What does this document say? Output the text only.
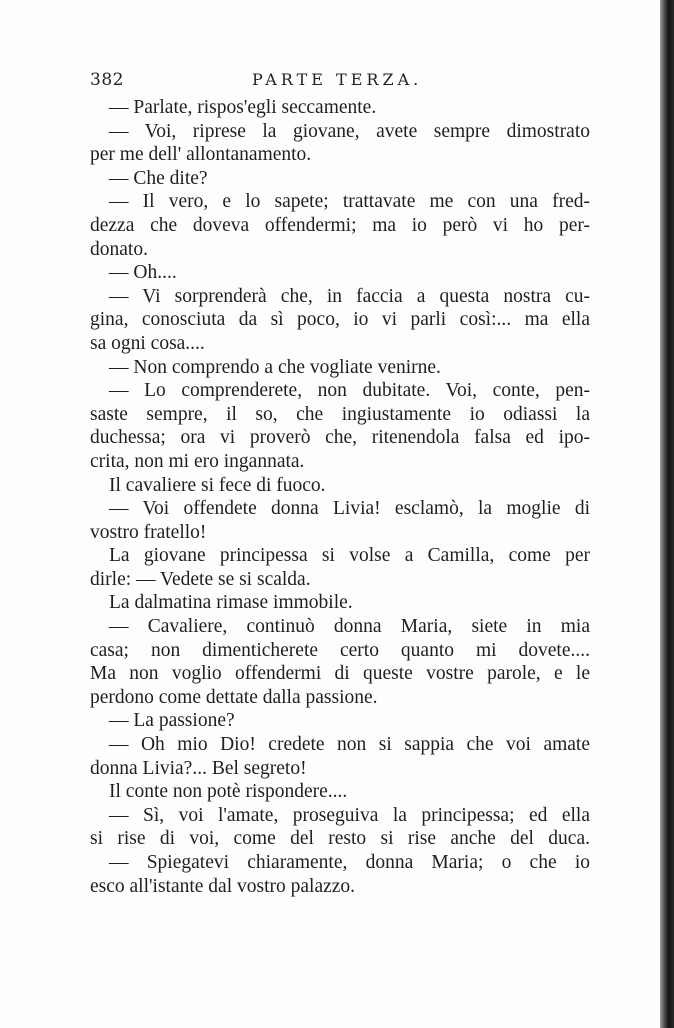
382	PARTE TERZA.
— Parlate, rispos'egli seccamente.
— Voi, riprese la giovane, avete sempre dimostrato
per me dell' allontanamento.
— Che dite?
— Il vero, e lo sapete; trattavate me con una fred-
dezza che doveva offendermi; ma io però vi ho per-
donato.
— Oh....
— Vi sorprenderà che, in faccia a questa nostra cu-
gina, conosciuta da sì poco, io vi parli così:... ma ella
sa ogni cosa....
— Non comprendo a che vogliate venirne.
— Lo comprenderete, non dubitate. Voi, conte, pen-
saste sempre, il so, che ingiustamente io odiassi la
duchessa; ora vi proverò che, ritenendola falsa ed ipo-
crita, non mi ero ingannata.
Il cavaliere si fece di fuoco.
— Voi offendete donna Livia! esclamò, la moglie di
vostro fratello!
La giovane principessa si volse a Camilla, come per
dirle: — Vedete se si scalda.
La dalmatina rimase immobile.
— Cavaliere, continuò donna Maria, siete in mia
casa; non dimenticherete certo quanto mi dovete....
Ma non voglio offendermi di queste vostre parole, e le
perdono come dettate dalla passione.
— La passione?
— Oh mio Dio! credete non si sappia che voi amate
donna Livia?... Bel segreto!
Il conte non potè rispondere....
— Sì, voi l'amate, proseguiva la principessa; ed ella
si rise di voi, come del resto si rise anche del duca.
— Spiegatevi chiaramente, donna Maria; o che io
esco all'istante dal vostro palazzo.
